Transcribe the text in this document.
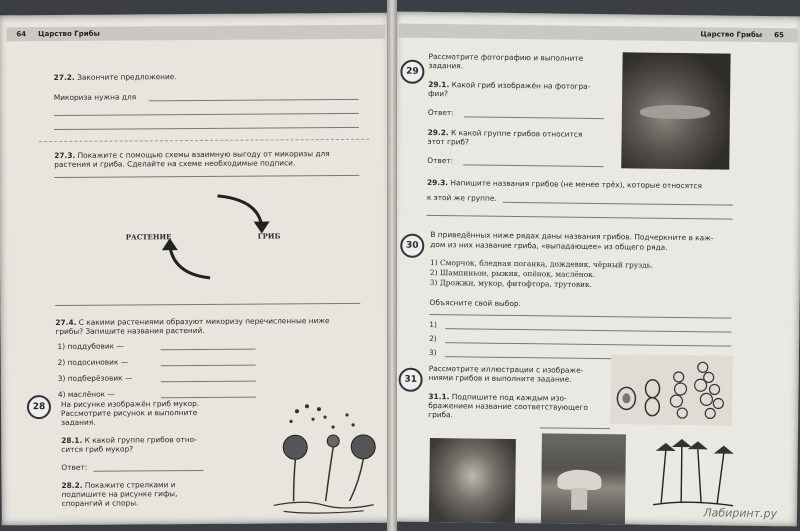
64 Царство Грибы
27.2. Закончите предложение.
Микориза нужна для
27.3. Покажите с помощью схемы взаимную выгоду от микоризы для
растения и гриба. Сделайте на схеме необходимые подписи.
РАСТЕНИЕ	ГРИБ
27.4. С какими растениями образуют микоризу перечисленные ниже
грибы? Запишите названия растений.
1) поддубовик —
2) подосиновик —
3) подберёзовик —
4) маслёнок —
28	На рисунке изображён гриб мукор.
Рассмотрите рисунок и выполните
задания.
28.1. К какой группе грибов отно-
сится гриб мукор?
Ответ:
28.2. Покажите стрелками и
подпишите на рисунке гифы,
спорангий и споры.
Царство Грибы 65
29
Рассмотрите фотографию и выполните
задания.
29.1. Какой гриб изображён на фотогра-
фии?
Ответ:
29.2. К какой группе грибов относится
этот гриб?
Ответ:
29.3. Напишите названия грибов (не менее трёх), которые относятся
к этой же группе.
30
В приведённых ниже рядах даны названия грибов. Подчеркните в каж-
дом из них название гриба, «выпадающее» из общего ряда.
1) Сморчок, бледная поганка, дождевик, чёрный груздь.
2) Шампиньон, рыжик, опёнок, маслёнок.
3) Дрожжи, мукор, фитофтора, трутовик.
Объясните свой выбор.
1)
2)
3)
31
Рассмотрите иллюстрации с изображе-
ниями грибов и выполните задание.
31.1. Подпишите под каждым изо-
бражением название соответствующего
гриба.
Лабиринт.ру
